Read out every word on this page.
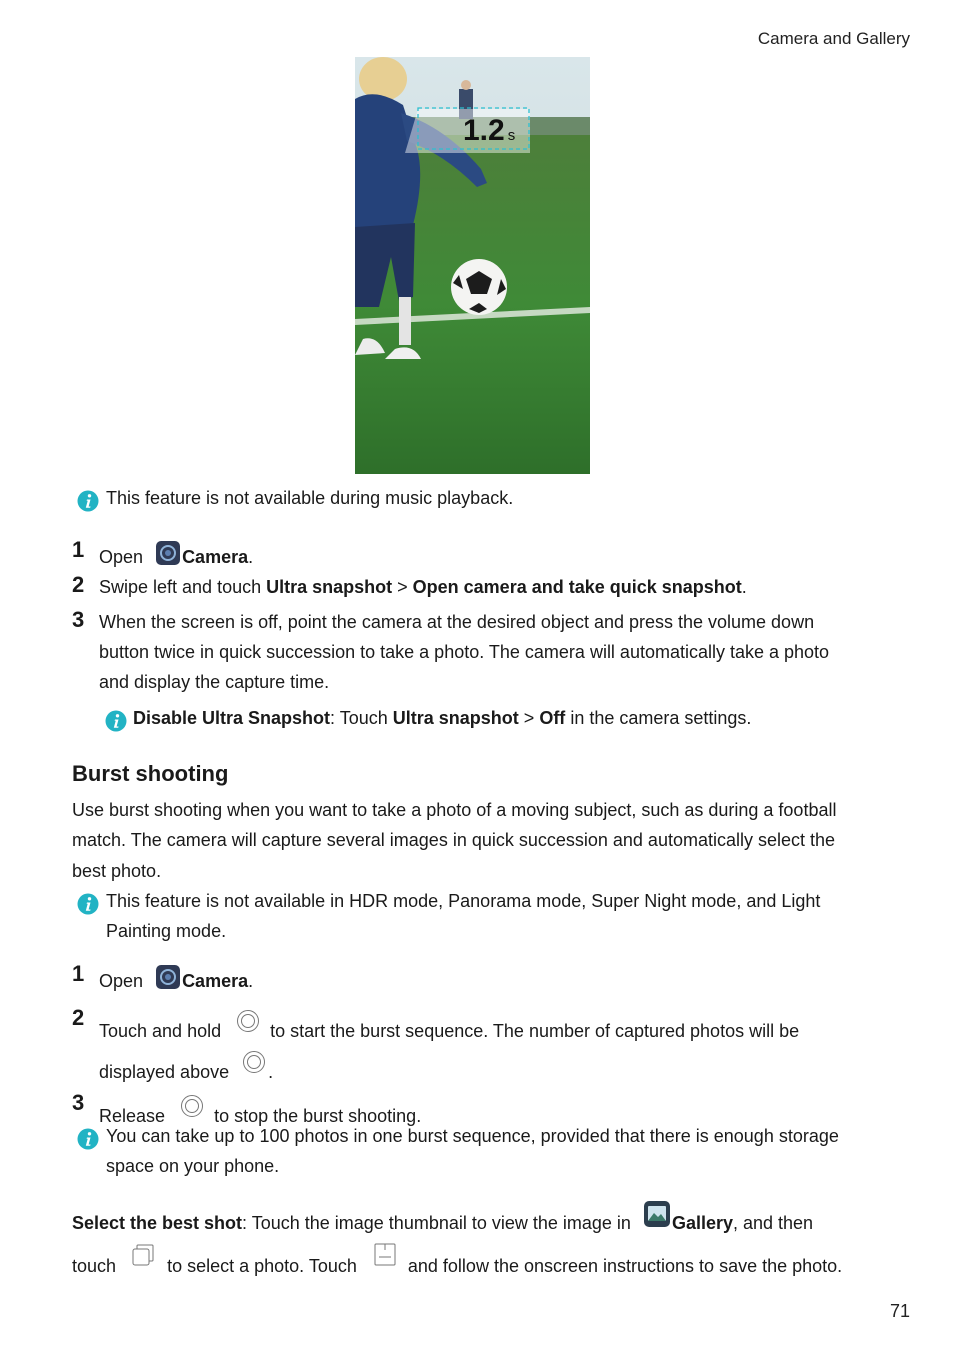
Camera and Gallery
1.2 s
This feature is not available during music playback.
1 Open Camera.
2 Swipe left and touch Ultra snapshot > Open camera and take quick snapshot.
3 When the screen is off, point the camera at the desired object and press the volume down
button twice in quick succession to take a photo. The camera will automatically take a photo
and display the capture time.
Disable Ultra Snapshot: Touch Ultra snapshot > Off in the camera settings.
Burst shooting
Use burst shooting when you want to take a photo of a moving subject, such as during a football
match. The camera will capture several images in quick succession and automatically select the
best photo.
This feature is not available in HDR mode, Panorama mode, Super Night mode, and Light
Painting mode.
1 Open Camera.
2
Touch and hold	to start the burst sequence. The number of captured photos will be
displayed above .
3
Release	to stop the burst shooting.
You can take up to 100 photos in one burst sequence, provided that there is enough storage
space on your phone.
Select the best shot: Touch the image thumbnail to view the image in Gallery, and then
touch	to select a photo. Touch	and follow the onscreen instructions to save the photo.
71
